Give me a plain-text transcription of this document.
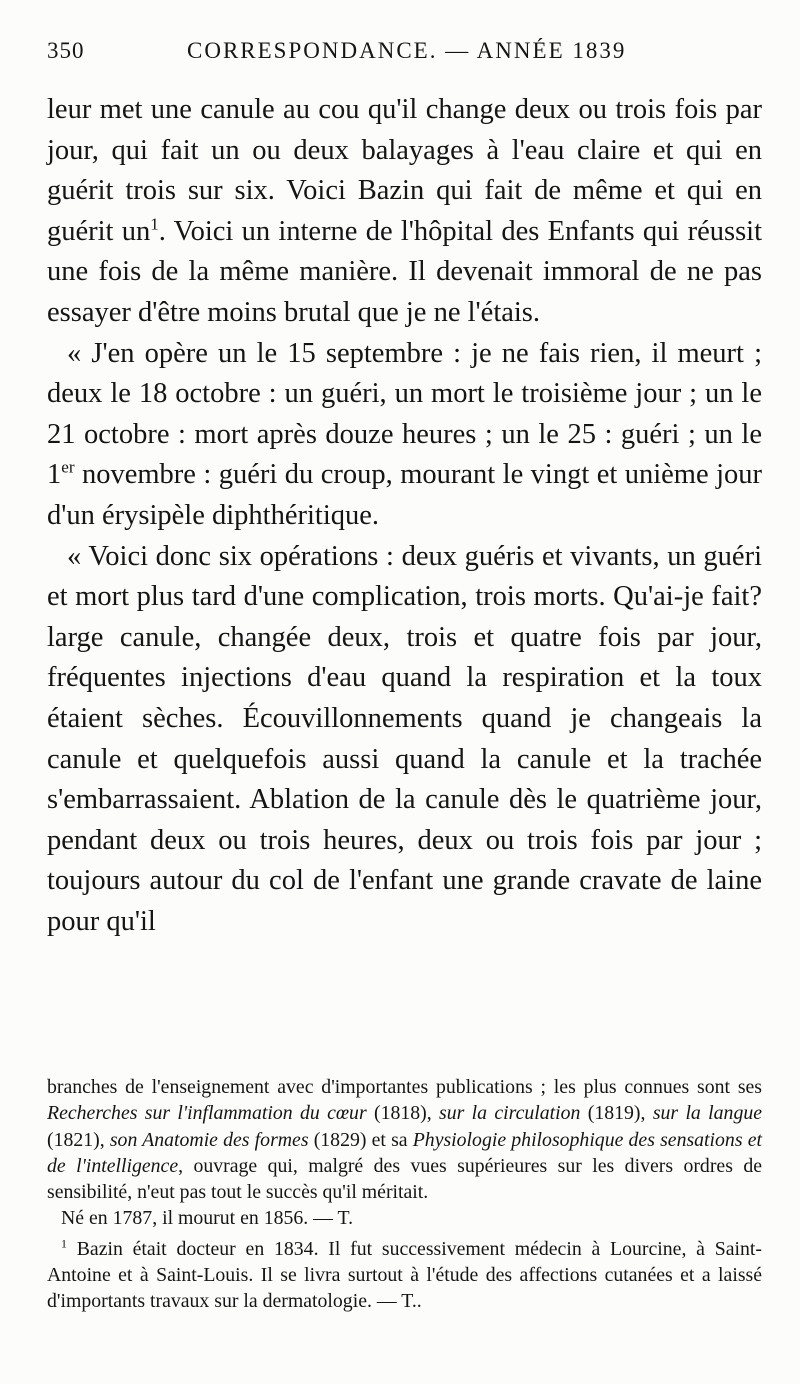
350	CORRESPONDANCE. — ANNÉE 1839

leur met une canule au cou qu'il change deux ou trois fois par jour, qui fait un ou deux balayages à l'eau claire et qui en guérit trois sur six. Voici Bazin qui fait de même et qui en guérit $un^1$. Voici un interne de l'hôpital des Enfants qui réussit une fois de la même manière. Il devenait immoral de ne pas essayer d'être moins brutal que je ne l'étais.

« J'en opère un le 15 septembre : je ne fais rien, il meurt ; deux le 18 octobre : un guéri, un mort le troisième jour ; un le 21 octobre : mort après douze heures ; un le 25 : guéri ; un le 1er novembre : guéri du croup, mourant le vingt et unième jour d'un érysipèle diphthéritique.

« Voici donc six opérations : deux guéris et vivants, un guéri et mort plus tard d'une complication, trois morts. Qu'ai-je fait? large canule, changée deux, trois et quatre fois par jour, fréquentes injections d'eau quand la respiration et la toux étaient sèches. Écouvillonnements quand je changeais la canule et quelquefois aussi quand la canule et la trachée s'embarrassaient. Ablation de la canule dès le quatrième jour, pendant deux ou trois heures, deux ou trois fois par jour ; toujours autour du col de l'enfant une grande cravate de laine pour qu'il

branches de l'enseignement avec d'importantes publications ; les plus connues sont ses Recherches sur l'inflammation du cœur (1818), sur la circulation (1819), sur la langue (1821), son Anatomie des formes (1829) et sa Physiologie philosophique des sensations et de l'intelligence, ouvrage qui, malgré des vues supérieures sur les divers ordres de sensibilité, n'eut pas tout le succès qu'il méritait.

Né en 1787, il mourut en 1856. — T.

$^1$ Bazin était docteur en 1834. Il fut successivement médecin à Lourcine, à Saint-Antoine et à Saint-Louis. Il se livra surtout à l'étude des affections cutanées et a laissé d'importants travaux sur la dermatologie. — T..
